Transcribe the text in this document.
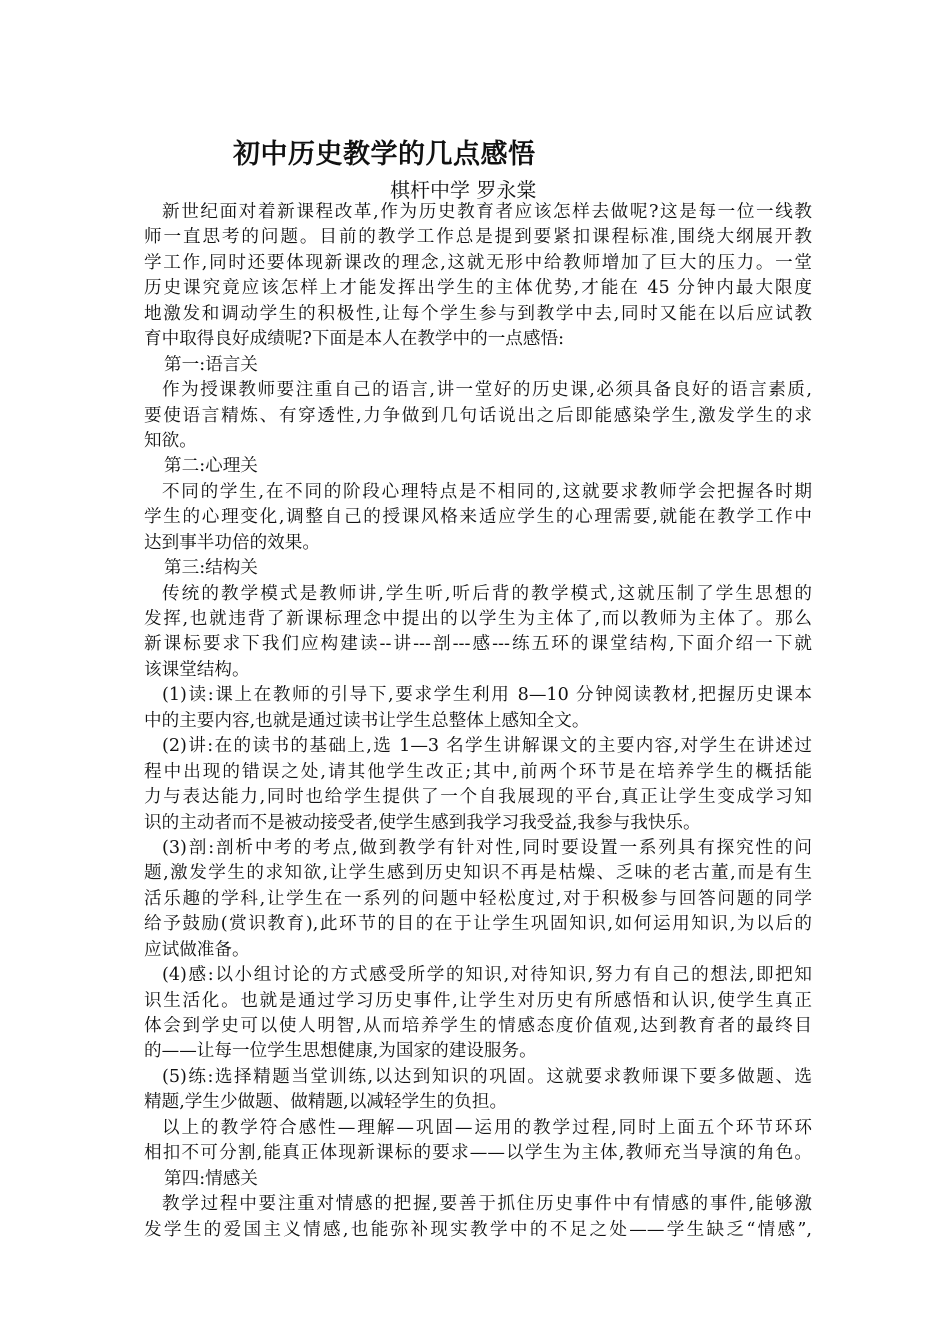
初中历史教学的几点感悟
棋杆中学 罗永棠
新世纪面对着新课程改革,作为历史教育者应该怎样去做呢?这是每一位一线教
师一直思考的问题。目前的教学工作总是提到要紧扣课程标准,围绕大纲展开教
学工作,同时还要体现新课改的理念,这就无形中给教师增加了巨大的压力。一堂
历史课究竟应该怎样上才能发挥出学生的主体优势,才能在 45 分钟内最大限度
地激发和调动学生的积极性,让每个学生参与到教学中去,同时又能在以后应试教
育中取得良好成绩呢?下面是本人在教学中的一点感悟:
第一:语言关
作为授课教师要注重自己的语言,讲一堂好的历史课,必须具备良好的语言素质,
要使语言精炼、有穿透性,力争做到几句话说出之后即能感染学生,激发学生的求
知欲。
第二:心理关
不同的学生,在不同的阶段心理特点是不相同的,这就要求教师学会把握各时期
学生的心理变化,调整自己的授课风格来适应学生的心理需要,就能在教学工作中
达到事半功倍的效果。
第三:结构关
传统的教学模式是教师讲,学生听,听后背的教学模式,这就压制了学生思想的
发挥,也就违背了新课标理念中提出的以学生为主体了,而以教师为主体了。那么
新课标要求下我们应构建读--讲---剖---感---练五环的课堂结构,下面介绍一下就
该课堂结构。
(1)读:课上在教师的引导下,要求学生利用 8—10 分钟阅读教材,把握历史课本
中的主要内容,也就是通过读书让学生总整体上感知全文。
(2)讲:在的读书的基础上,选 1—3 名学生讲解课文的主要内容,对学生在讲述过
程中出现的错误之处,请其他学生改正;其中,前两个环节是在培养学生的概括能
力与表达能力,同时也给学生提供了一个自我展现的平台,真正让学生变成学习知
识的主动者而不是被动接受者,使学生感到我学习我受益,我参与我快乐。
(3)剖:剖析中考的考点,做到教学有针对性,同时要设置一系列具有探究性的问
题,激发学生的求知欲,让学生感到历史知识不再是枯燥、乏味的老古董,而是有生
活乐趣的学科,让学生在一系列的问题中轻松度过,对于积极参与回答问题的同学
给予鼓励(赏识教育),此环节的目的在于让学生巩固知识,如何运用知识,为以后的
应试做准备。
(4)感:以小组讨论的方式感受所学的知识,对待知识,努力有自己的想法,即把知
识生活化。也就是通过学习历史事件,让学生对历史有所感悟和认识,使学生真正
体会到学史可以使人明智,从而培养学生的情感态度价值观,达到教育者的最终目
的——让每一位学生思想健康,为国家的建设服务。
(5)练:选择精题当堂训练,以达到知识的巩固。这就要求教师课下要多做题、选
精题,学生少做题、做精题,以减轻学生的负担。
以上的教学符合感性—理解—巩固—运用的教学过程,同时上面五个环节环环
相扣不可分割,能真正体现新课标的要求——以学生为主体,教师充当导演的角色。
第四:情感关
教学过程中要注重对情感的把握,要善于抓住历史事件中有情感的事件,能够激
发学生的爱国主义情感,也能弥补现实教学中的不足之处——学生缺乏“情感”,
